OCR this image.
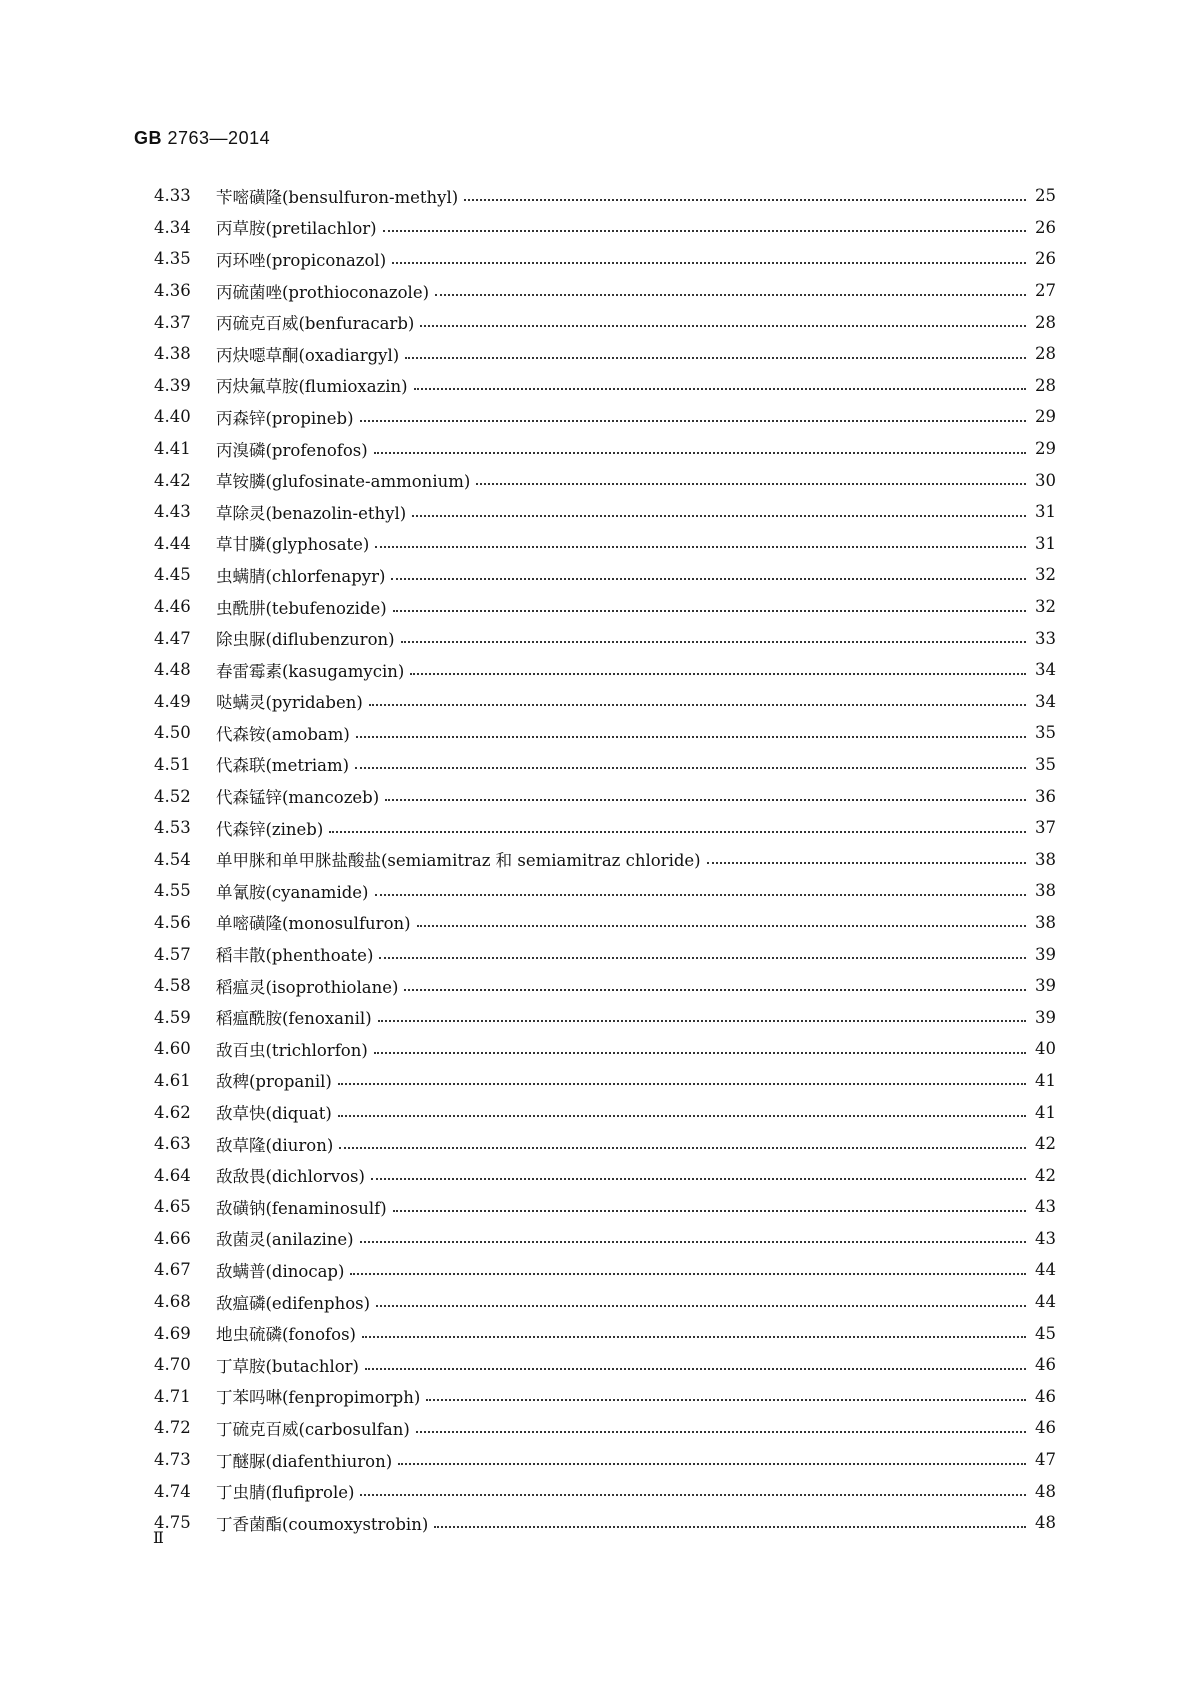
GB 2763—2014
4.33	苄嘧磺隆(bensulfuron-methyl)	25
4.34	丙草胺(pretilachlor)	26
4.35	丙环唑(propiconazol)	26
4.36	丙硫菌唑(prothioconazole)	27
4.37	丙硫克百威(benfuracarb)	28
4.38	丙炔噁草酮(oxadiargyl)	28
4.39	丙炔氟草胺(flumioxazin)	28
4.40	丙森锌(propineb)	29
4.41	丙溴磷(profenofos)	29
4.42	草铵膦(glufosinate-ammonium)	30
4.43	草除灵(benazolin-ethyl)	31
4.44	草甘膦(glyphosate)	31
4.45	虫螨腈(chlorfenapyr)	32
4.46	虫酰肼(tebufenozide)	32
4.47	除虫脲(diflubenzuron)	33
4.48	春雷霉素(kasugamycin)	34
4.49	哒螨灵(pyridaben)	34
4.50	代森铵(amobam)	35
4.51	代森联(metriam)	35
4.52	代森锰锌(mancozeb)	36
4.53	代森锌(zineb)	37
4.54	单甲脒和单甲脒盐酸盐(semiamitraz 和 semiamitraz chloride)	38
4.55	单氰胺(cyanamide)	38
4.56	单嘧磺隆(monosulfuron)	38
4.57	稻丰散(phenthoate)	39
4.58	稻瘟灵(isoprothiolane)	39
4.59	稻瘟酰胺(fenoxanil)	39
4.60	敌百虫(trichlorfon)	40
4.61	敌稗(propanil)	41
4.62	敌草快(diquat)	41
4.63	敌草隆(diuron)	42
4.64	敌敌畏(dichlorvos)	42
4.65	敌磺钠(fenaminosulf)	43
4.66	敌菌灵(anilazine)	43
4.67	敌螨普(dinocap)	44
4.68	敌瘟磷(edifenphos)	44
4.69	地虫硫磷(fonofos)	45
4.70	丁草胺(butachlor)	46
4.71	丁苯吗啉(fenpropimorph)	46
4.72	丁硫克百威(carbosulfan)	46
4.73	丁醚脲(diafenthiuron)	47
4.74	丁虫腈(flufiprole)	48
4.75	丁香菌酯(coumoxystrobin)	48
Ⅱ
